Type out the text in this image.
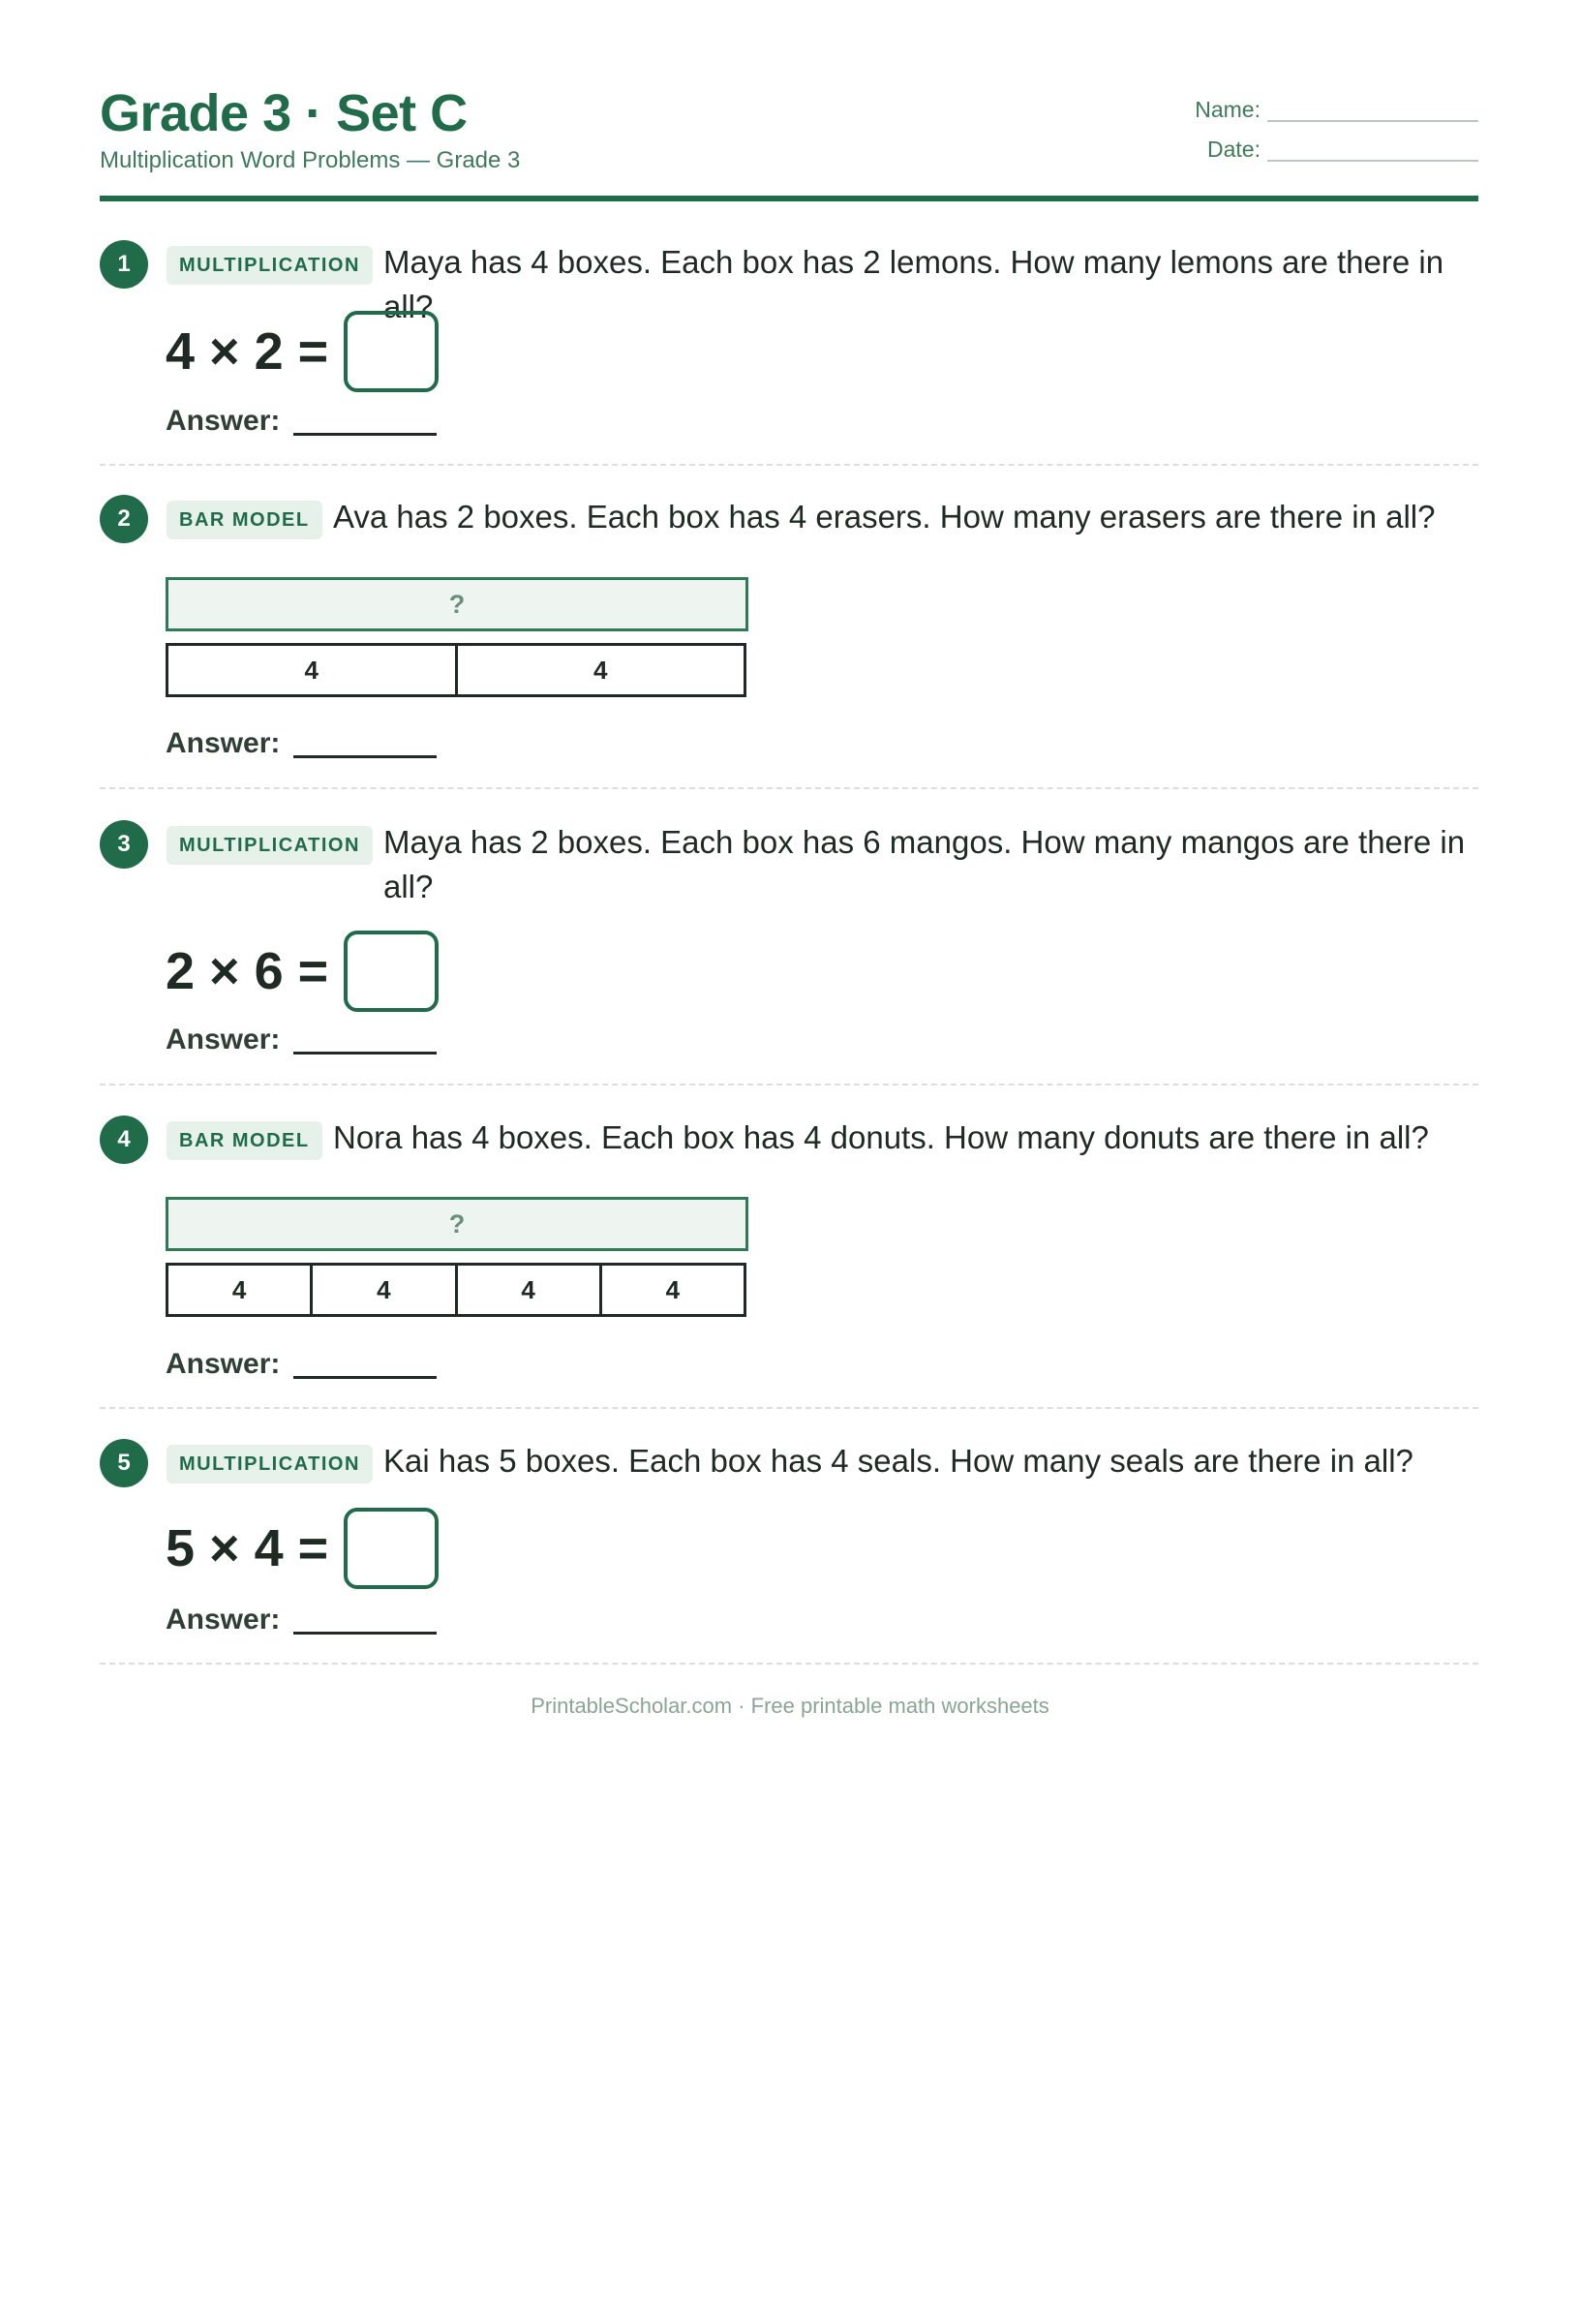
Grade 3 · Set C
Multiplication Word Problems — Grade 3
Name:
Date:
1	MULTIPLICATION Maya has 4 boxes. Each box has 2 lemons. How many lemons are there in all?
4 × 2 =
Answer:
2	BAR MODEL Ava has 2 boxes. Each box has 4 erasers. How many erasers are there in all?
?
4	4
Answer:
3	MULTIPLICATION Maya has 2 boxes. Each box has 6 mangos. How many mangos are there in all?
2 × 6 =
Answer:
4	BAR MODEL Nora has 4 boxes. Each box has 4 donuts. How many donuts are there in all?
?
4	4	4	4
Answer:
5	MULTIPLICATION Kai has 5 boxes. Each box has 4 seals. How many seals are there in all?
5 × 4 =
Answer:
PrintableScholar.com · Free printable math worksheets
